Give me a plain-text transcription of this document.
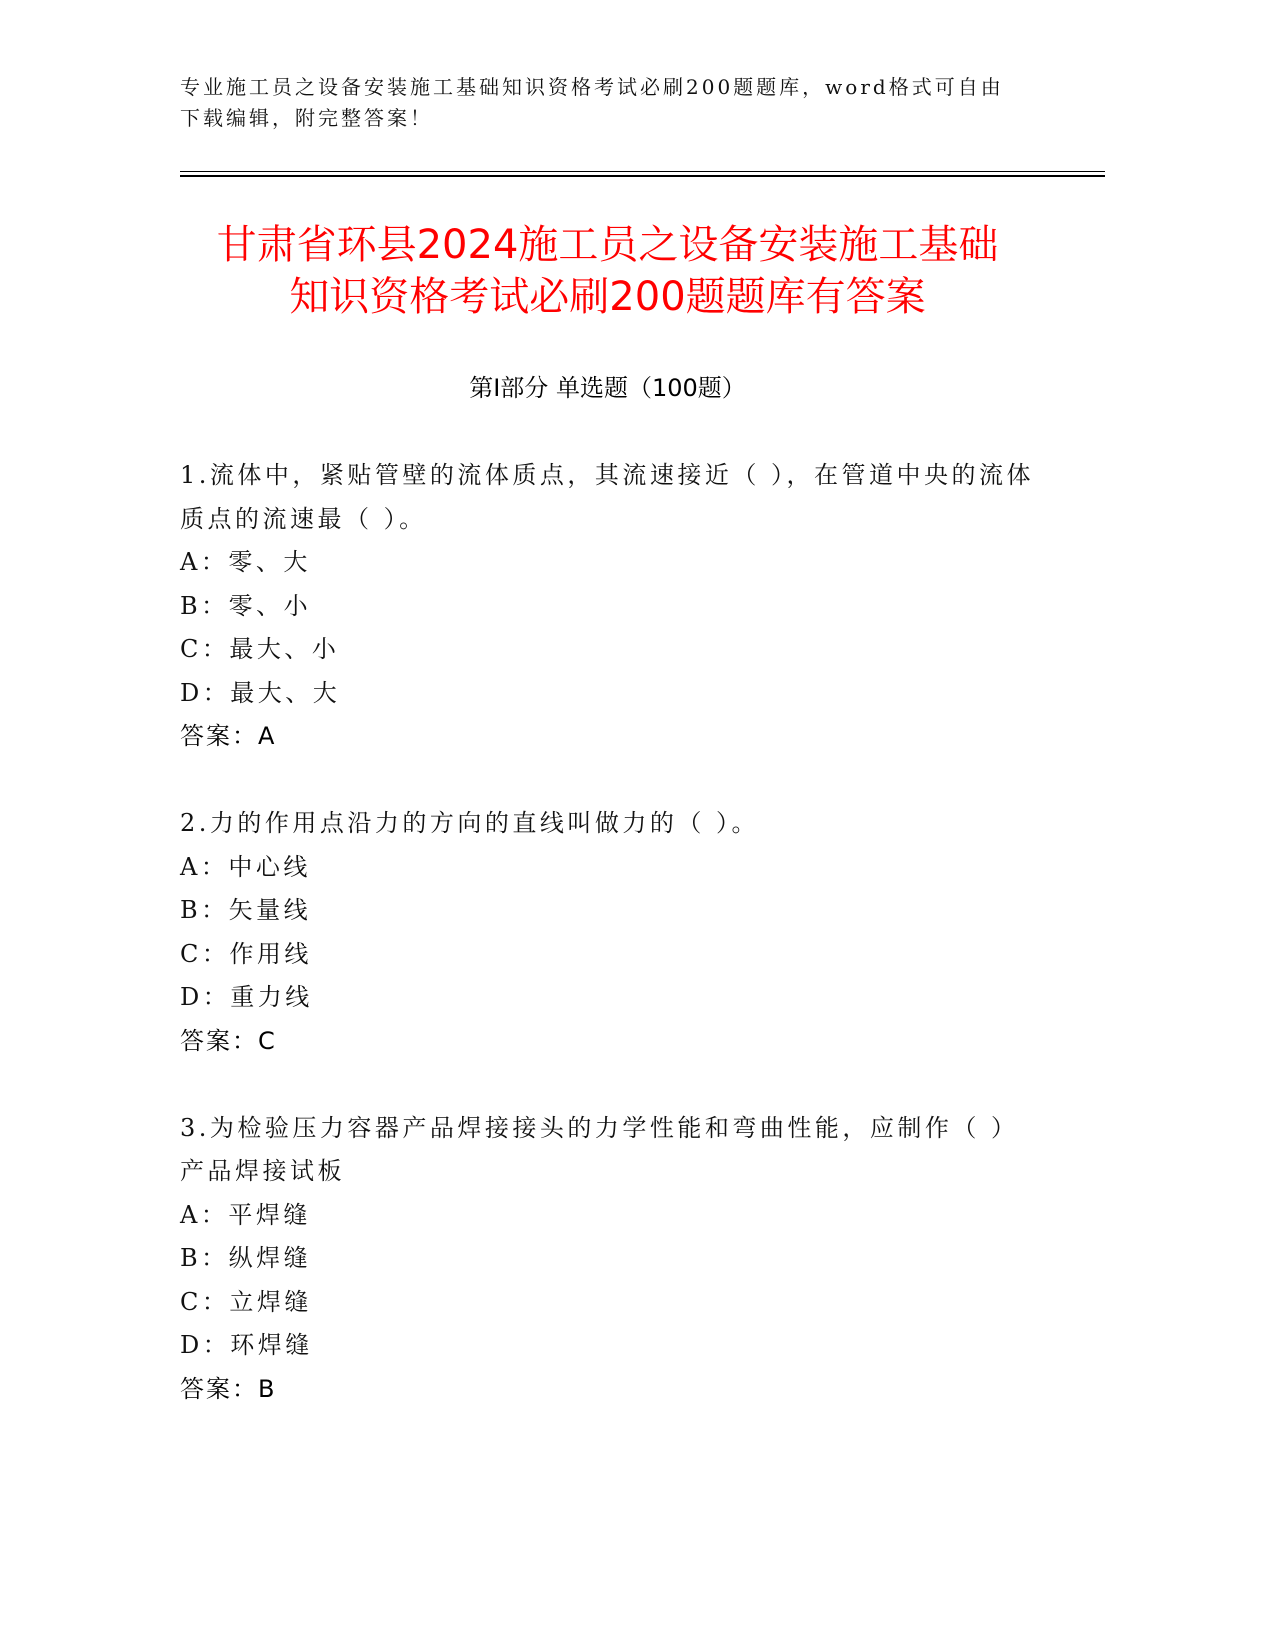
专业施工员之设备安装施工基础知识资格考试必刷200题题库，word格式可自由
下载编辑，附完整答案！
甘肃省环县2024施工员之设备安装施工基础
知识资格考试必刷200题题库有答案
第I部分 单选题（100题）
1.流体中，紧贴管壁的流体质点，其流速接近（ ），在管道中央的流体质点的流速最（ ）。
A：零、大
B：零、小
C：最大、小
D：最大、大
答案：A
2.力的作用点沿力的方向的直线叫做力的（ ）。
A：中心线
B：矢量线
C：作用线
D：重力线
答案：C
3.为检验压力容器产品焊接接头的力学性能和弯曲性能，应制作（ ）产品焊接试板
A：平焊缝
B：纵焊缝
C：立焊缝
D：环焊缝
答案：B
